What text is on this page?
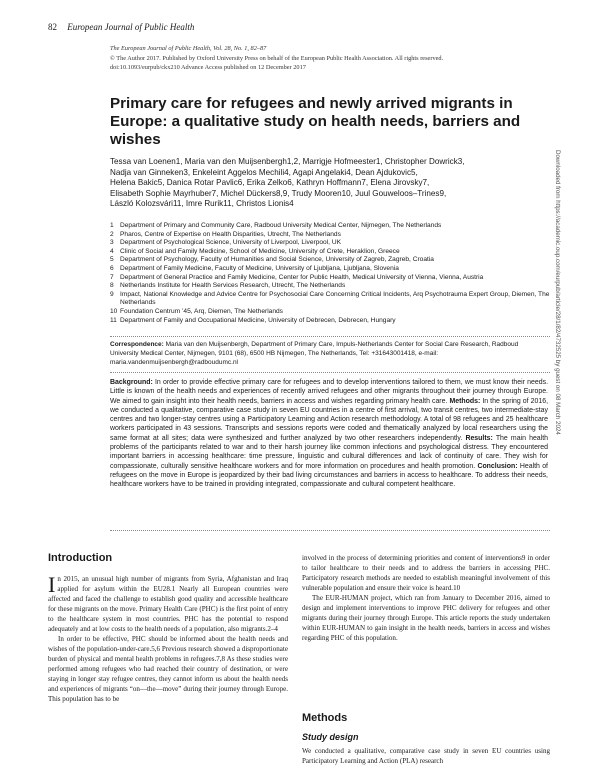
82 European Journal of Public Health
The European Journal of Public Health, Vol. 28, No. 1, 82–87
© The Author 2017. Published by Oxford University Press on behalf of the European Public Health Association. All rights reserved.
doi:10.1093/eurpub/ckx210 Advance Access published on 12 December 2017
Primary care for refugees and newly arrived migrants in Europe: a qualitative study on health needs, barriers and wishes
Tessa van Loenen1, Maria van den Muijsenbergh1,2, Marrigje Hofmeester1, Christopher Dowrick3,
Nadja van Ginneken3, Enkeleint Aggelos Mechili4, Agapi Angelaki4, Dean Ajdukovic5,
Helena Bakic5, Danica Rotar Pavlic6, Erika Zelko6, Kathryn Hoffmann7, Elena Jirovsky7,
Elisabeth Sophie Mayrhuber7, Michel Dückers8,9, Trudy Mooren10, Juul Gouweloos–Trines9,
László Kolozsvári11, Imre Rurik11, Christos Lionis4
1 Department of Primary and Community Care, Radboud University Medical Center, Nijmegen, The Netherlands
2 Pharos, Centre of Expertise on Health Disparities, Utrecht, The Netherlands
3 Department of Psychological Science, University of Liverpool, Liverpool, UK
4 Clinic of Social and Family Medicine, School of Medicine, University of Crete, Heraklion, Greece
5 Department of Psychology, Faculty of Humanities and Social Science, University of Zagreb, Zagreb, Croatia
6 Department of Family Medicine, Faculty of Medicine, University of Ljubljana, Ljubljana, Slovenia
7 Department of General Practice and Family Medicine, Center for Public Health, Medical University of Vienna, Vienna, Austria
8 Netherlands Institute for Health Services Research, Utrecht, The Netherlands
9 Impact, National Knowledge and Advice Centre for Psychosocial Care Concerning Critical Incidents, Arq Psychotrauma Expert Group, Diemen, The Netherlands
10 Foundation Centrum ’45, Arq, Diemen, The Netherlands
11 Department of Family and Occupational Medicine, University of Debrecen, Debrecen, Hungary
Correspondence: Maria van den Muijsenbergh, Department of Primary Care, Impuls-Netherlands Center for Social Care Research, Radboud University Medical Center, Nijmegen, 9101 (68), 6500 HB Nijmegen, The Netherlands, Tel: +31643001418, e-mail: maria.vandenmuijsenbergh@radboudumc.nl
Background: In order to provide effective primary care for refugees and to develop interventions tailored to them, we must know their needs. Little is known of the health needs and experiences of recently arrived refugees and other migrants throughout their journey through Europe. We aimed to gain insight into their health needs, barriers in access and wishes regarding primary health care. Methods: In the spring of 2016, we conducted a qualitative, comparative case study in seven EU countries in a centre of first arrival, two transit centres, two intermediate-stay centres and two longer-stay centres using a Participatory Learning and Action research methodology. A total of 98 refugees and 25 healthcare workers participated in 43 sessions. Transcripts and sessions reports were coded and thematically analyzed by local researchers using the same format at all sites; data were synthesized and further analyzed by two other researchers independently. Results: The main health problems of the participants related to war and to their harsh journey like common infections and psychological distress. They encountered important barriers in accessing healthcare: time pressure, linguistic and cultural differences and lack of continuity of care. They wish for compassionate, culturally sensitive healthcare workers and for more information on procedures and health promotion. Conclusion: Health of refugees on the move in Europe is jeopardized by their bad living circumstances and barriers in access to healthcare. To address their needs, healthcare workers have to be trained in providing integrated, compassionate and cultural competent healthcare.
Introduction

In 2015, an unusual high number of migrants from Syria, Afghanistan and Iraq applied for asylum within the EU28.1 Nearly all European countries were affected and faced the challenge to establish good quality and accessible healthcare for these migrants on the move. Primary Health Care (PHC) is the first point of entry to the healthcare system in most countries. PHC has the potential to respond adequately and at low costs to the health needs of a population, also migrants.2–4

In order to be effective, PHC should be informed about the health needs and wishes of the population-under-care.5,6 Previous research showed a disproportionate burden of physical and mental health problems in refugees.7,8 As these studies were performed among refugees who had reached their country of destination, or were staying in longer stay refugee centres, they cannot inform us about the health needs and experiences of migrants “on—the—move” during their journey through Europe. This population has to be

involved in the process of determining priorities and content of interventions9 in order to tailor healthcare to their needs and to address the barriers in accessing PHC. Participatory research methods are needed to establish meaningful involvement of this vulnerable population and ensure their voice is heard.10

The EUR-HUMAN project, which ran from January to December 2016, aimed to design and implement interventions to improve PHC delivery for refugees and other migrants during their journey through Europe. This article reports the study undertaken within EUR-HUMAN to gain insight in the health needs, barriers in access and wishes regarding PHC of this population.

Methods
Study design

We conducted a qualitative, comparative case study in seven EU countries using Participatory Learning and Action (PLA) research

Downloaded from https://academic.oup.com/eurpub/article/28/1/82/4732525 by guest on 08 March 2024
